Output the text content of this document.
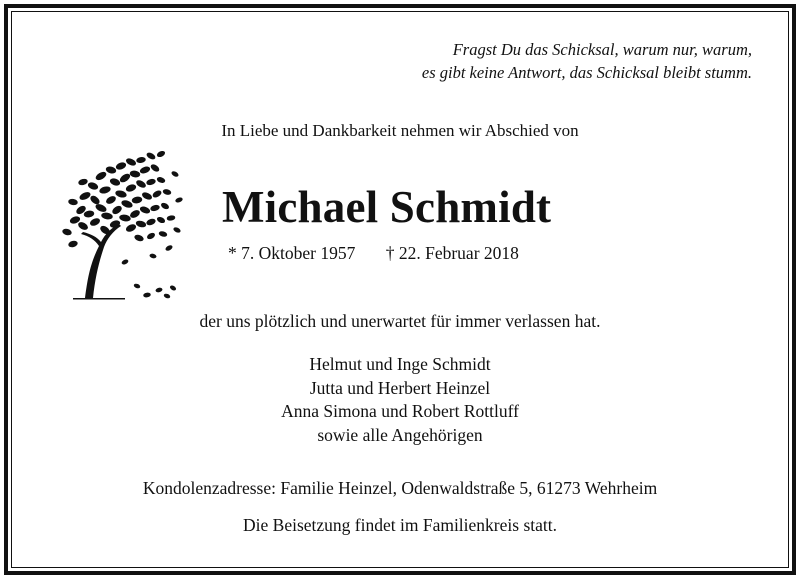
Fragst Du das Schicksal, warum nur, warum,
es gibt keine Antwort, das Schicksal bleibt stumm.
In Liebe und Dankbarkeit nehmen wir Abschied von
Michael Schmidt
* 7. Oktober 1957 † 22. Februar 2018
der uns plötzlich und unerwartet für immer verlassen hat.
Helmut und Inge Schmidt
Jutta und Herbert Heinzel
Anna Simona und Robert Rottluff
sowie alle Angehörigen
Kondolenzadresse: Familie Heinzel, Odenwaldstraße 5, 61273 Wehrheim
Die Beisetzung findet im Familienkreis statt.
